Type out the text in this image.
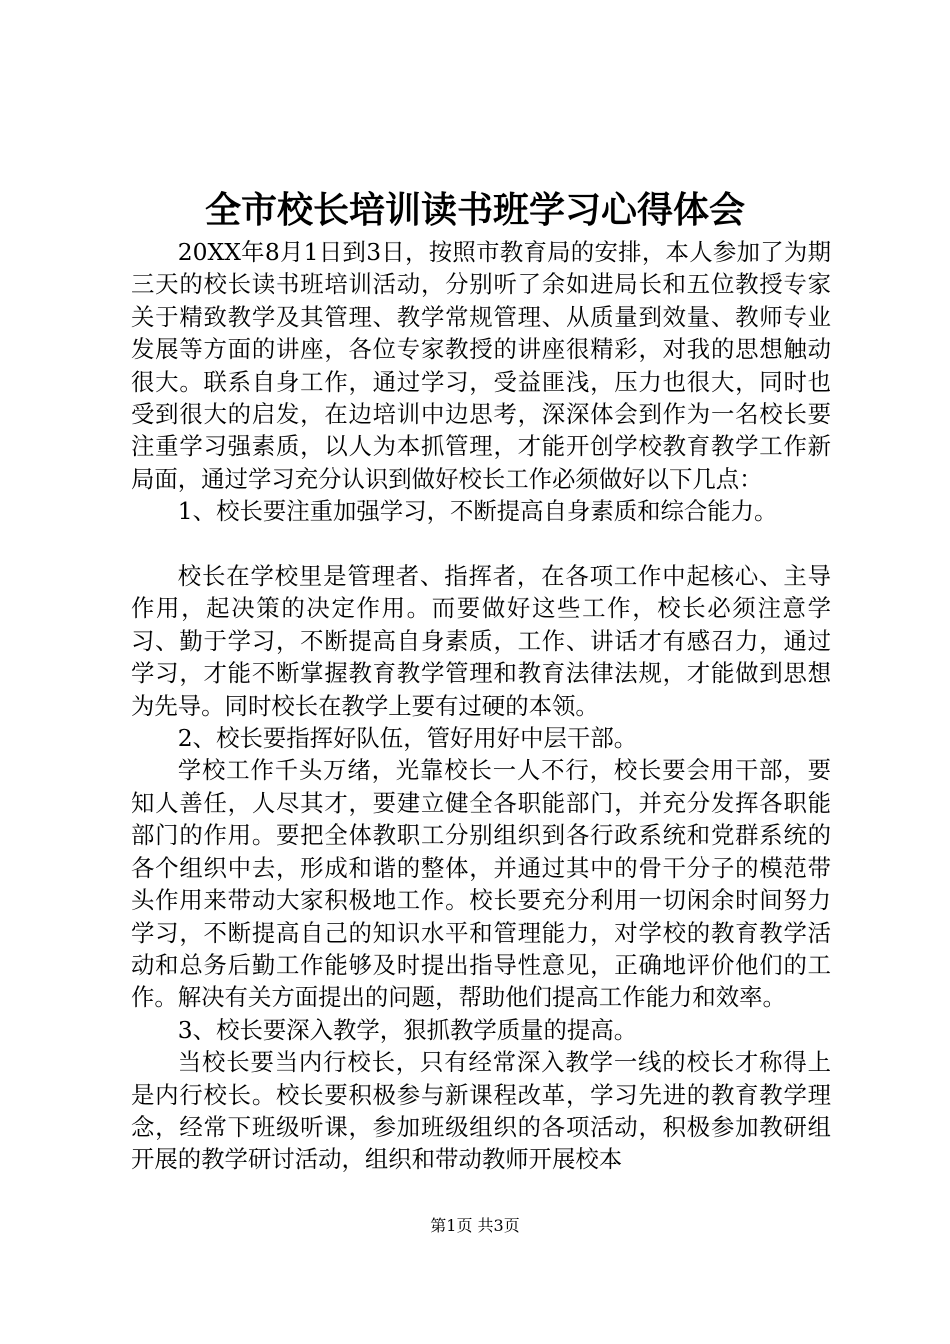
全市校长培训读书班学习心得体会

20XX年8月1日到3日，按照市教育局的安排，本人参加了为期三天的校长读书班培训活动，分别听了余如进局长和五位教授专家关于精致教学及其管理、教学常规管理、从质量到效量、教师专业发展等方面的讲座，各位专家教授的讲座很精彩，对我的思想触动很大。联系自身工作，通过学习，受益匪浅，压力也很大，同时也受到很大的启发，在边培训中边思考，深深体会到作为一名校长要注重学习强素质，以人为本抓管理，才能开创学校教育教学工作新局面，通过学习充分认识到做好校长工作必须做好以下几点：

1、校长要注重加强学习，不断提高自身素质和综合能力。

校长在学校里是管理者、指挥者，在各项工作中起核心、主导作用，起决策的决定作用。而要做好这些工作，校长必须注意学习、勤于学习，不断提高自身素质，工作、讲话才有感召力，通过学习，才能不断掌握教育教学管理和教育法律法规，才能做到思想为先导。同时校长在教学上要有过硬的本领。

2、校长要指挥好队伍，管好用好中层干部。

学校工作千头万绪，光靠校长一人不行，校长要会用干部，要知人善任，人尽其才，要建立健全各职能部门，并充分发挥各职能部门的作用。要把全体教职工分别组织到各行政系统和党群系统的各个组织中去，形成和谐的整体，并通过其中的骨干分子的模范带头作用来带动大家积极地工作。校长要充分利用一切闲余时间努力学习，不断提高自己的知识水平和管理能力，对学校的教育教学活动和总务后勤工作能够及时提出指导性意见，正确地评价他们的工作。解决有关方面提出的问题，帮助他们提高工作能力和效率。

3、校长要深入教学，狠抓教学质量的提高。

当校长要当内行校长，只有经常深入教学一线的校长才称得上是内行校长。校长要积极参与新课程改革，学习先进的教育教学理念，经常下班级听课，参加班级组织的各项活动，积极参加教研组开展的教学研讨活动，组织和带动教师开展校本

第1页 共3页
